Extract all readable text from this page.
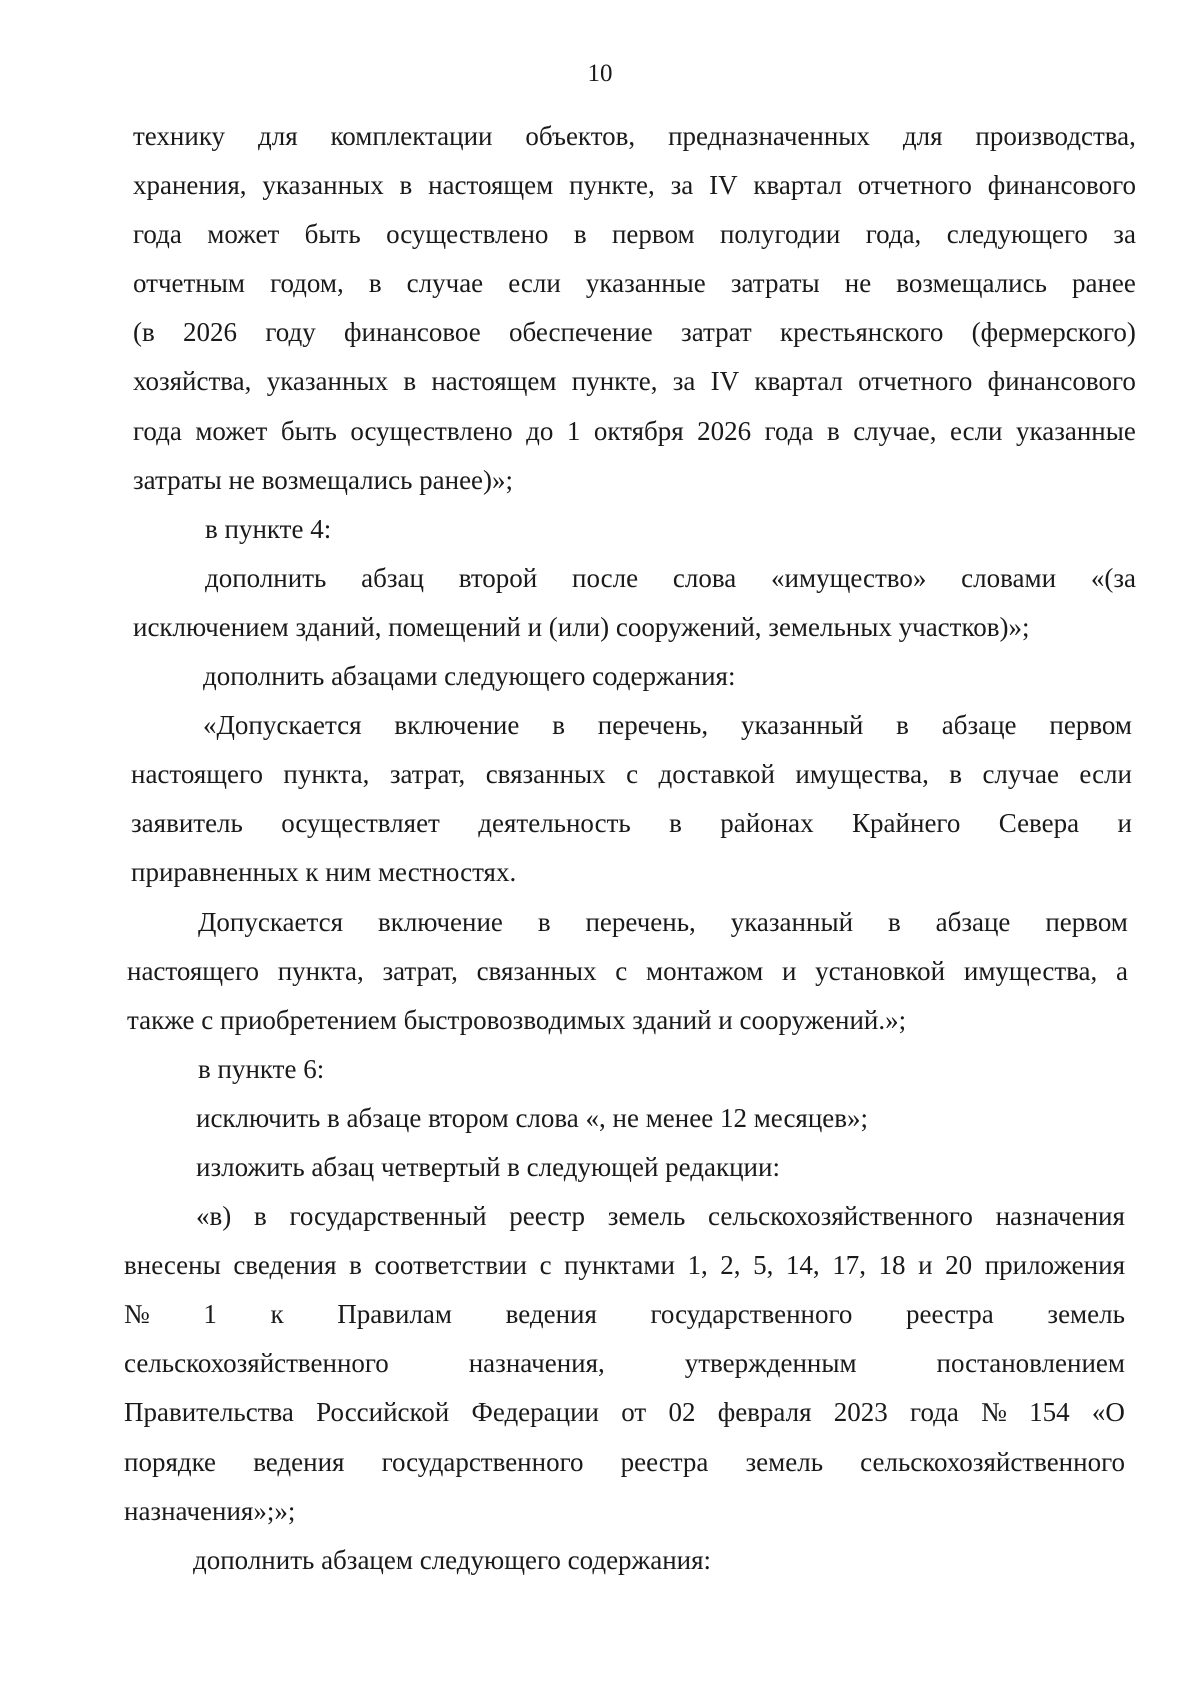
10
технику для комплектации объектов, предназначенных для производства,
хранения, указанных в настоящем пункте, за IV квартал отчетного финансового
года может быть осуществлено в первом полугодии года, следующего за
отчетным годом, в случае если указанные затраты не возмещались ранее
(в 2026 году финансовое обеспечение затрат крестьянского (фермерского)
хозяйства, указанных в настоящем пункте, за IV квартал отчетного финансового
года может быть осуществлено до 1 октября 2026 года в случае, если указанные
затраты не возмещались ранее)»;
в пункте 4:
дополнить абзац второй после слова «имущество» словами «(за
исключением зданий, помещений и (или) сооружений, земельных участков)»;
дополнить абзацами следующего содержания:
«Допускается включение в перечень, указанный в абзаце первом
настоящего пункта, затрат, связанных с доставкой имущества, в случае если
заявитель осуществляет деятельность в районах Крайнего Севера и
приравненных к ним местностях.
Допускается включение в перечень, указанный в абзаце первом
настоящего пункта, затрат, связанных с монтажом и установкой имущества, а
также с приобретением быстровозводимых зданий и сооружений.»;
в пункте 6:
исключить в абзаце втором слова «, не менее 12 месяцев»;
изложить абзац четвертый в следующей редакции:
«в) в государственный реестр земель сельскохозяйственного назначения
внесены сведения в соответствии с пунктами 1, 2, 5, 14, 17, 18 и 20 приложения
№ 1 к Правилам ведения государственного реестра земель
сельскохозяйственного	назначения,	утвержденным	постановлением
Правительства Российской Федерации от 02 февраля 2023 года № 154 «О
порядке ведения государственного реестра земель сельскохозяйственного
назначения»;»;
дополнить абзацем следующего содержания:
